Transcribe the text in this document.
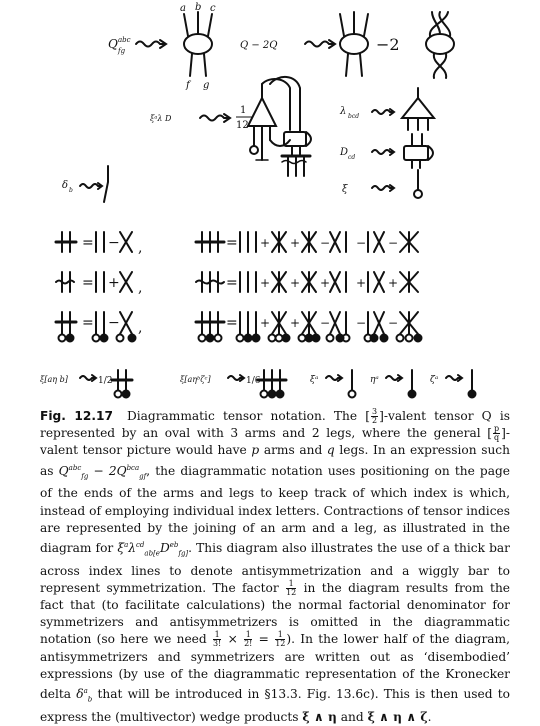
a b c
f g
Q abc
fg	Q − 2Q	−2
1
12
ξᵃλ D
λ bcd
D cd
ξ
δ b
= − ,	= + + − − −
= + ,	= + + + + +
= − ,	= + + − − −
ξ[aη b]	1/2	ξ[aηᵇζᶜ]	1/6	ξᵃ	ηᵃ	ζᵃ
Fig. 12.17 Diagrammatic tensor notation. The [ $\frac{3}{2}$ ]-valent tensor Q is represented by an oval with 3 arms and 2 legs, where the general [ $\frac{p}{q}$ ]-valent tensor picture would have p arms and q legs. In an expression such as $Q^{abc}_{fg} - 2Q^{bca}_{gf}$, the diagrammatic notation uses positioning on the page of the ends of the arms and legs to keep track of which index is which, instead of employing individual index letters. Contractions of tensor indices are represented by the joining of an arm and a leg, as illustrated in the diagram for $\xi^a\lambda^{cd}_{ab[e}D^{eb}_{fg]}$. This diagram also illustrates the use of a thick bar across index lines to denote antisymmetrization and a wiggly bar to represent symmetrization. The factor $\frac{1}{12}$ in the diagram results from the fact that (to facilitate calculations) the normal factorial denominator for symmetrizers and antisymmetrizers is omitted in the diagrammatic notation (so here we need $\frac{1}{3!} \times \frac{1}{2!} = \frac{1}{12}$ ). In the lower half of the diagram, antisymmetrizers and symmetrizers are written out as ‘disembodied’ expressions (by use of the diagrammatic representation of the Kronecker delta $\delta^a_b$ that will be introduced in §13.3. Fig. 13.6c). This is then used to express the (multivector) wedge products ξ ∧ η and ξ ∧ η ∧ ζ.
